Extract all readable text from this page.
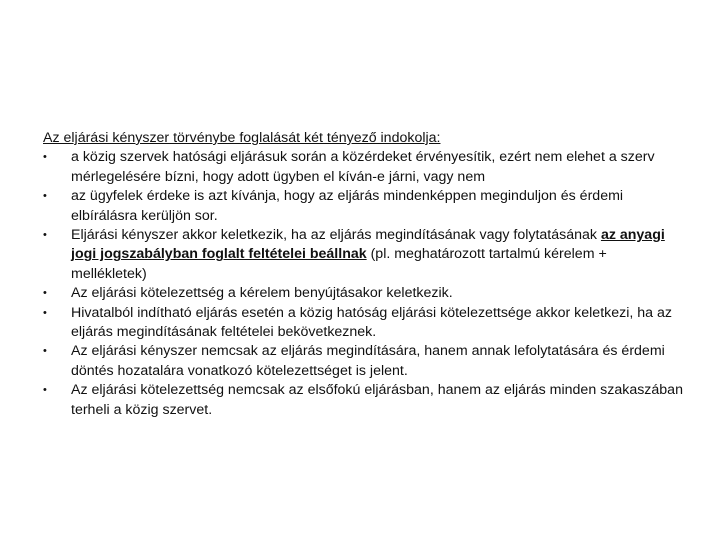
Az eljárási kényszer törvénybe foglalását két tényező indokolja:

•	a közig szervek hatósági eljárásuk során a közérdeket érvényesítik, ezért nem elehet a szerv mérlegelésére bízni, hogy adott ügyben el kíván-e járni, vagy nem
•	az ügyfelek érdeke is azt kívánja, hogy az eljárás mindenképpen meginduljon és érdemi elbírálásra kerüljön sor.
•	Eljárási kényszer akkor keletkezik, ha az eljárás megindításának vagy folytatásának az anyagi jogi jogszabályban foglalt feltételei beállnak (pl. meghatározott tartalmú kérelem + mellékletek)
•	Az eljárási kötelezettség a kérelem benyújtásakor keletkezik.
•	Hivatalból indítható eljárás esetén a közig hatóság eljárási kötelezettsége akkor keletkezi, ha az eljárás megindításának feltételei bekövetkeznek.
•	Az eljárási kényszer nemcsak az eljárás megindítására, hanem annak lefolytatására és érdemi döntés hozatalára vonatkozó kötelezettséget is jelent.
•	Az eljárási kötelezettség nemcsak az elsőfokú eljárásban, hanem az eljárás minden szakaszában terheli a közig szervet.
